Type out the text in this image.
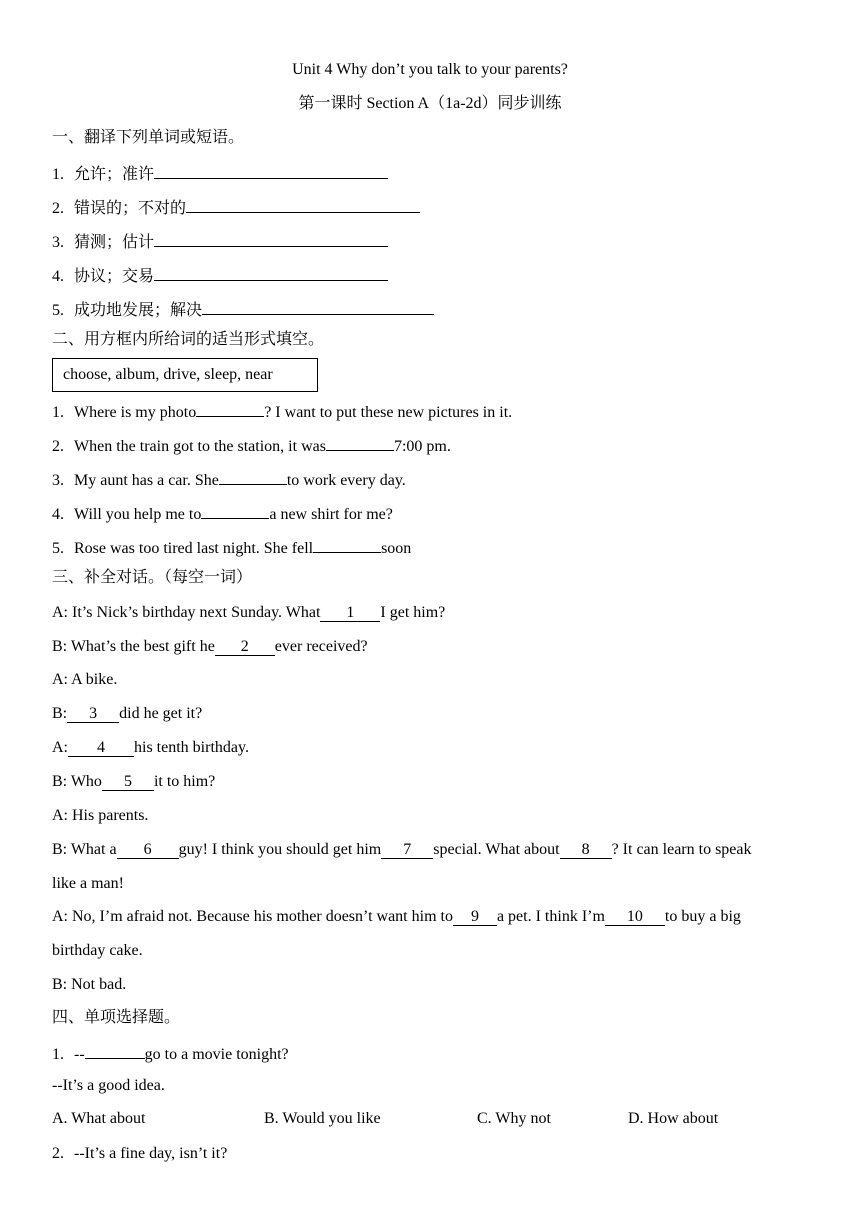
Unit 4 Why don’t you talk to your parents?
第一课时 Section A（1a-2d）同步训练
一、翻译下列单词或短语。
1. 允许；准许
2. 错误的；不对的
3. 猜测；估计
4. 协议；交易
5. 成功地发展；解决
二、用方框内所给词的适当形式填空。
choose, album, drive, sleep, near
1. Where is my photo	? I want to put these new pictures in it.
2. When the train got to the station, it was	7:00 pm.
3. My aunt has a car. She	to work every day.
4. Will you help me to	a new shirt for me?
5. Rose was too tired last night. She fell	soon
三、补全对话。（每空一词）
A: It’s Nick’s birthday next Sunday. What 1 I get him?
B: What’s the best gift he 2 ever received?
A: A bike.
B: 3 did he get it?
A: 4 his tenth birthday.
B: Who 5 it to him?
A: His parents.
B: What a 6 guy! I think you should get him 7 special. What about 8 ? It can learn to speak
like a man!
A: No, I’m afraid not. Because his mother doesn’t want him to 9 a pet. I think I’m 10 to buy a big
birthday cake.
B: Not bad.
四、单项选择题。
1. --	go to a movie tonight?
--It’s a good idea.
A. What about	B. Would you like	C. Why not	D. How about
2. --It’s a fine day, isn’t it?
